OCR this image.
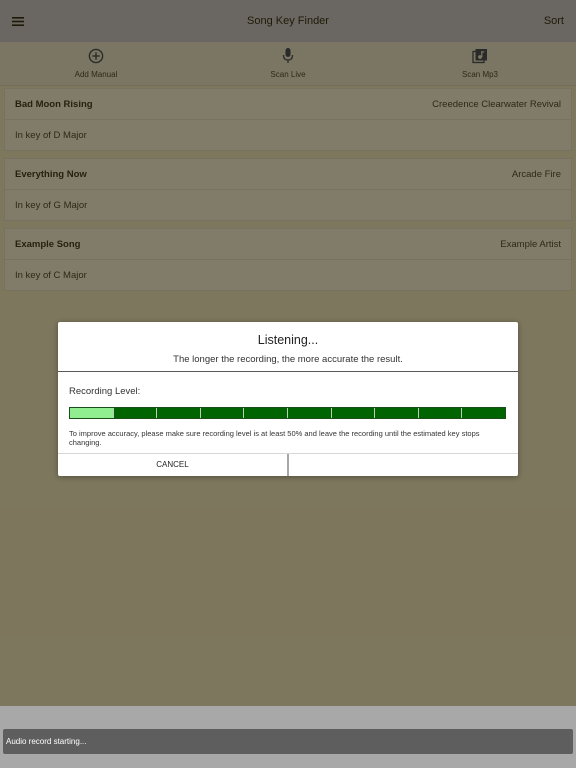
Audio record starting...
Listening...
The longer the recording, the more accurate the result.
Recording Level:
To improve accuracy, please make sure recording level is at least 50% and leave the recording until the estimated key stops changing.
CANCEL
